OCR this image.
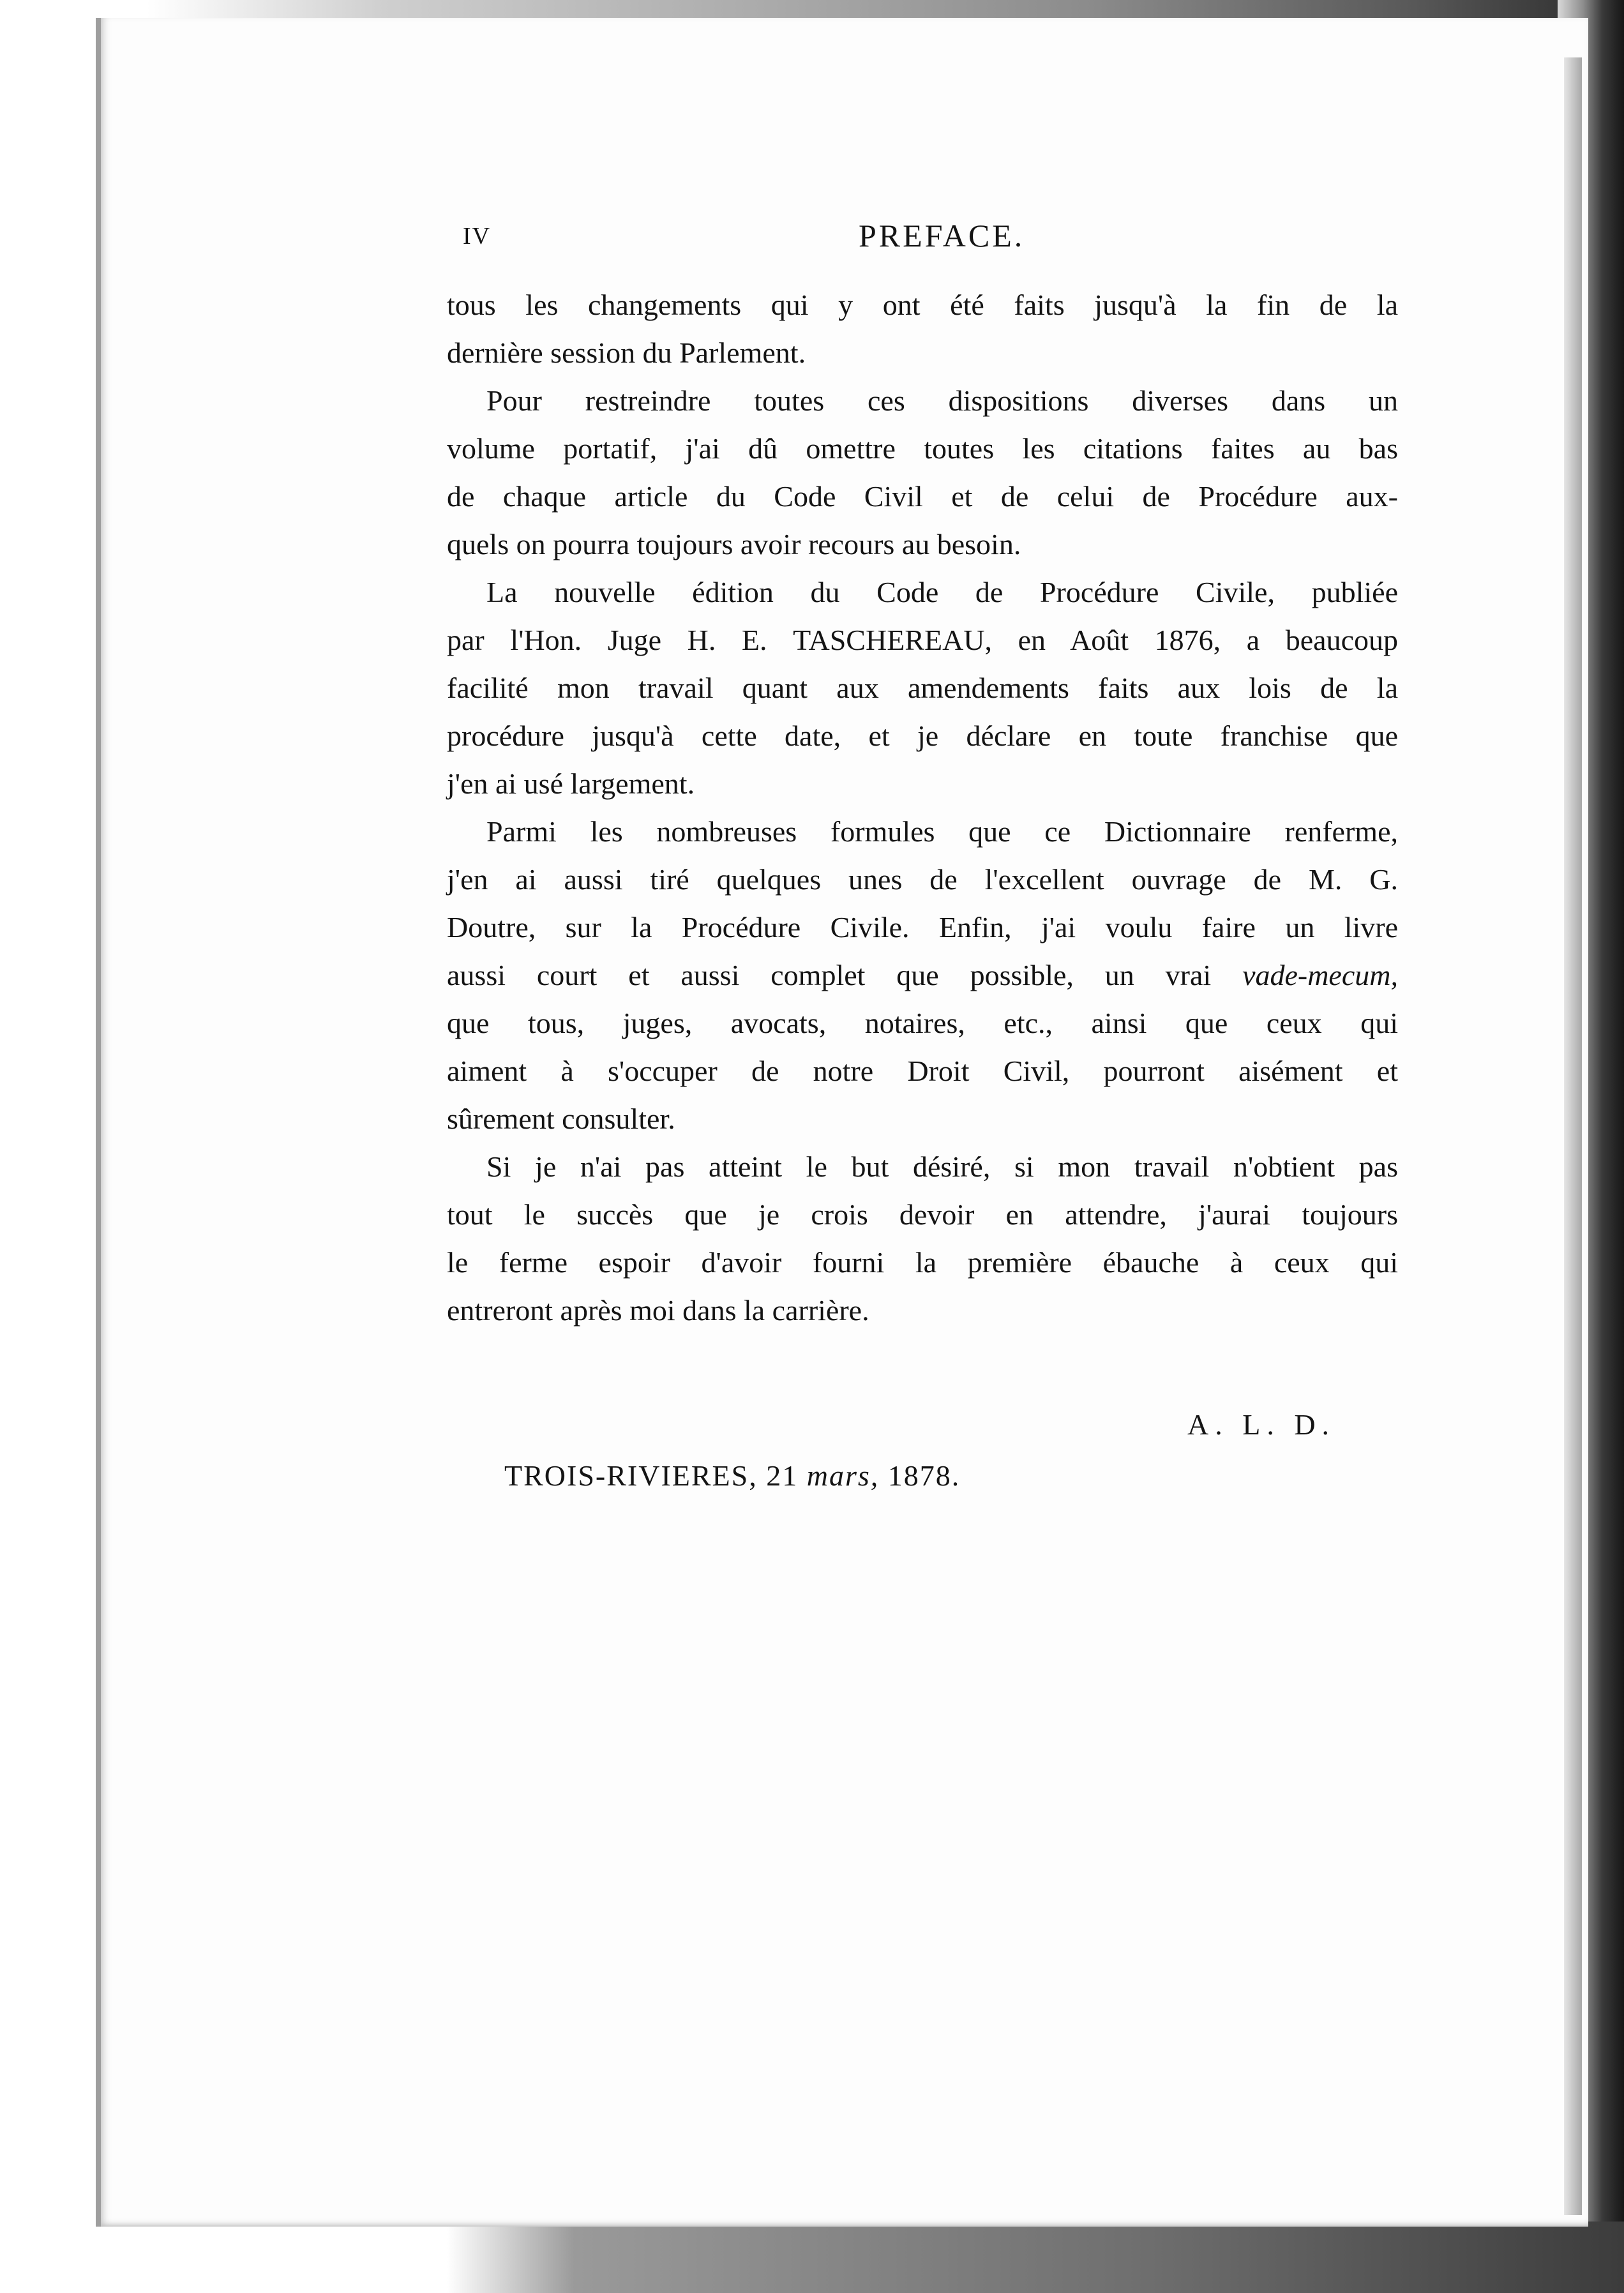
IV	PREFACE.
tous les changements qui y ont été faits jusqu'à la fin de la
dernière session du Parlement.
Pour restreindre toutes ces dispositions diverses dans un
volume portatif, j'ai dû omettre toutes les citations faites au bas
de chaque article du Code Civil et de celui de Procédure aux-
quels on pourra toujours avoir recours au besoin.
La nouvelle édition du Code de Procédure Civile, publiée
par l'Hon. Juge H. E. TASCHEREAU, en Août 1876, a beaucoup
facilité mon travail quant aux amendements faits aux lois de la
procédure jusqu'à cette date, et je déclare en toute franchise que
j'en ai usé largement.
Parmi les nombreuses formules que ce Dictionnaire renferme,
j'en ai aussi tiré quelques unes de l'excellent ouvrage de M. G.
Doutre, sur la Procédure Civile. Enfin, j'ai voulu faire un livre
aussi court et aussi complet que possible, un vrai vade-mecum,
que tous, juges, avocats, notaires, etc., ainsi que ceux qui
aiment à s'occuper de notre Droit Civil, pourront aisément et
sûrement consulter.
Si je n'ai pas atteint le but désiré, si mon travail n'obtient pas
tout le succès que je crois devoir en attendre, j'aurai toujours
le ferme espoir d'avoir fourni la première ébauche à ceux qui
entreront après moi dans la carrière.
A. L. D.
TROIS-RIVIERES, 21 mars, 1878.
